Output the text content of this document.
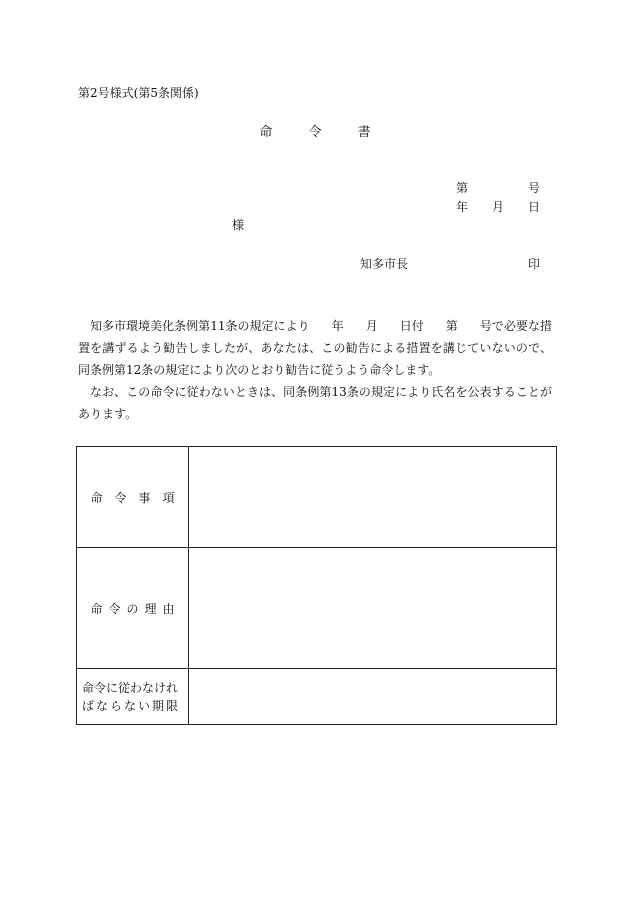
第2号様式(第5条関係)
命	令	書
第	号
年 月 日
様
知多市長	印

知多市環境美化条例第11条の規定により 年 月 日付 第 号で必要な措置を講ずるよう勧告しましたが、あなたは、この勧告による措置を講じていないので、同条例第12条の規定により次のとおり勧告に従うよう命令します。

なお、この命令に従わないときは、同条例第13条の規定により氏名を公表することがあります。

命令事項	
命令の理由	

命令に従わなけれ
ばならない期限	
